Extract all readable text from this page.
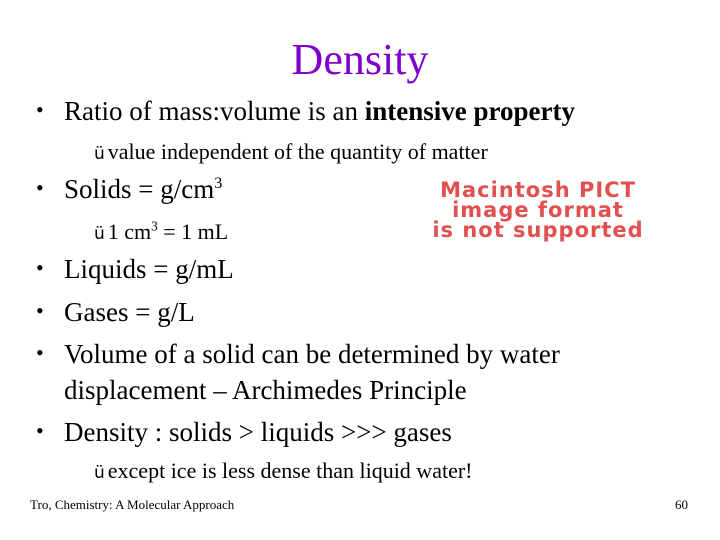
Density
• Ratio of mass:volume is an intensive property
ü value independent of the quantity of matter
• Solids = $g/cm^3$
ü 1 $cm^3 = 1$ mL
Macintosh PICT
image format
is not supported
• Liquids = g/mL
• Gases = g/L
• Volume of a solid can be determined by water
displacement – Archimedes Principle
• Density : solids > liquids >>> gases
ü except ice is less dense than liquid water!
Tro, Chemistry: A Molecular Approach	60
